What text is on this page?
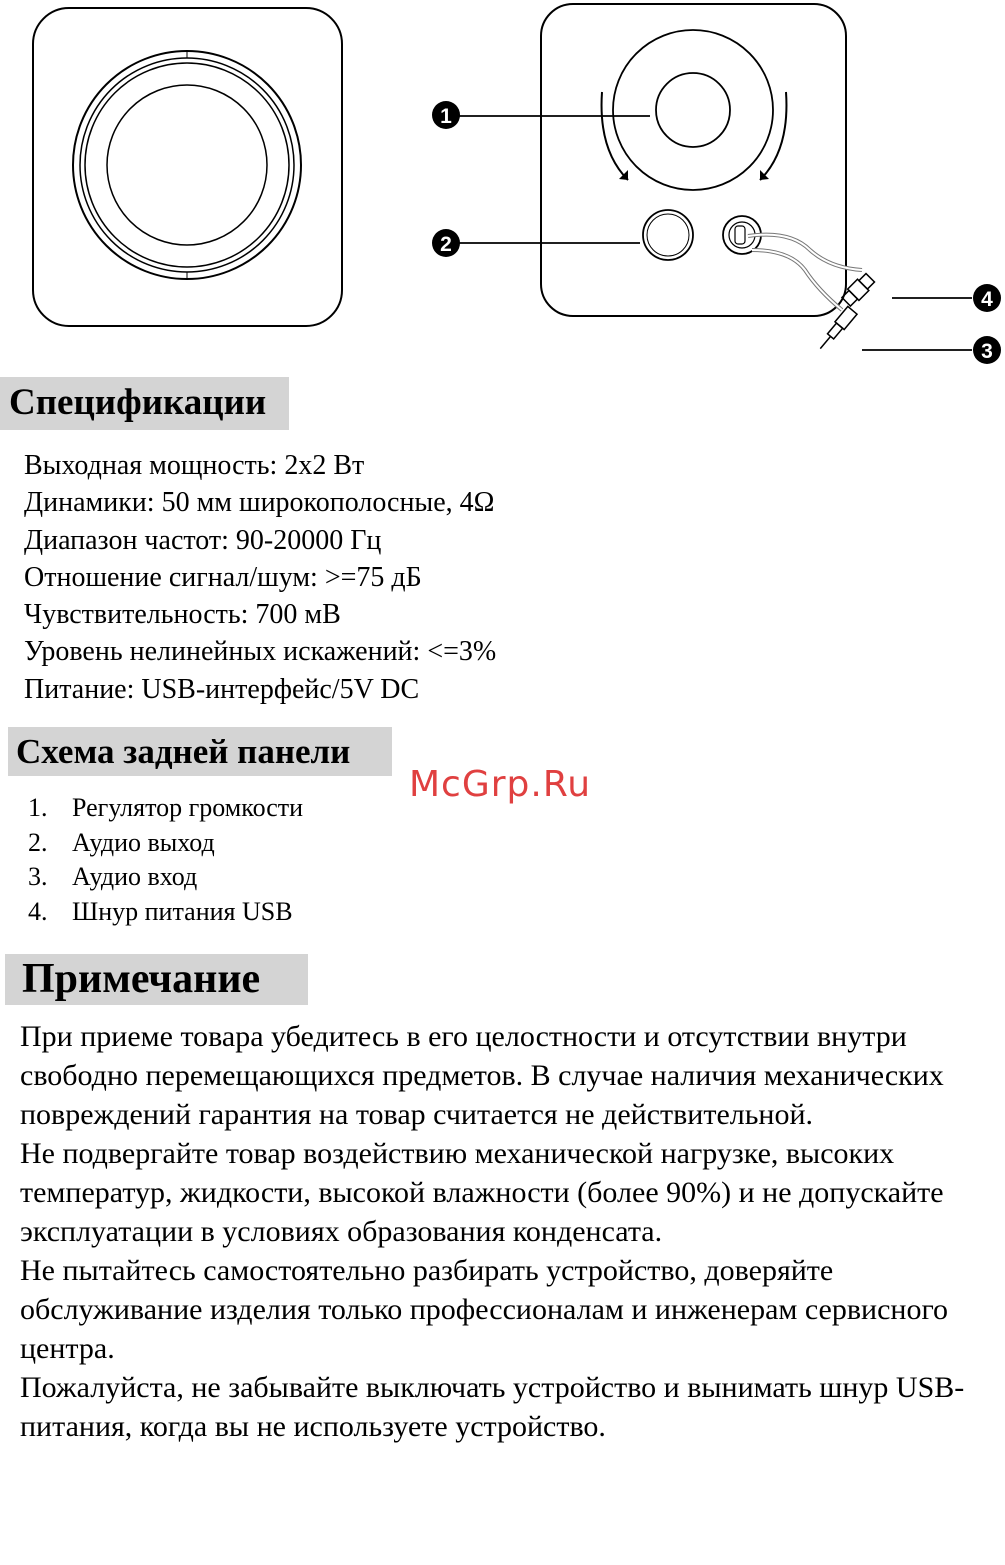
1
2
4
3
Спецификации
Выходная мощность: 2x2 Вт
Динамики: 50 мм широкополосные, 4Ω
Диапазон частот: 90-20000 Гц
Отношение сигнал/шум: >=75 дБ
Чувствительность: 700 мВ
Уровень нелинейных искажений: <=3%
Питание: USB-интерфейс/5V DC
Схема задней панели
1. Регулятор громкости
2. Аудио выход
3. Аудио вход
4. Шнур питания USB
McGrp.Ru
Примечание

При приеме товара убедитесь в его целостности и отсутствии внутри свободно перемещающихся предметов. В случае наличия механических повреждений гарантия на товар считается не действительной.

Не подвергайте товар воздействию механической нагрузке, высоких температур, жидкости, высокой влажности (более 90%) и не допускайте эксплуатации в условиях образования конденсата.

Не пытайтесь самостоятельно разбирать устройство, доверяйте обслуживание изделия только профессионалам и инженерам сервисного центра.

Пожалуйста, не забывайте выключать устройство и вынимать шнур USB-питания, когда вы не используете устройство.
